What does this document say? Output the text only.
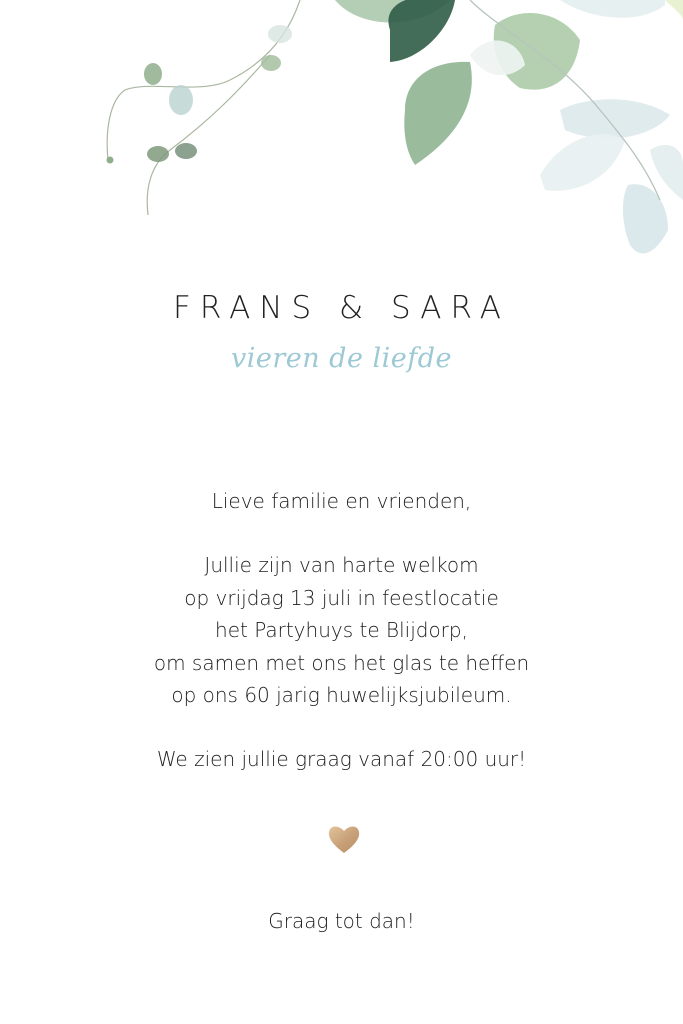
FRANS & SARA
vieren de liefde
Lieve familie en vrienden,
Jullie zijn van harte welkom
op vrijdag 13 juli in feestlocatie
het Partyhuys te Blijdorp,
om samen met ons het glas te heffen
op ons 60 jarig huwelijksjubileum.
We zien jullie graag vanaf 20:00 uur!
Graag tot dan!
